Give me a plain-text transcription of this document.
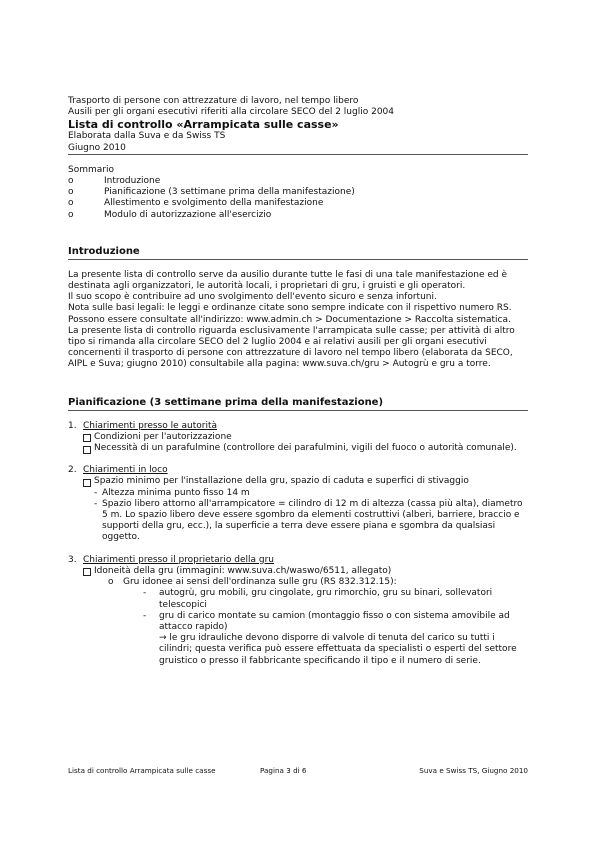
Trasporto di persone con attrezzature di lavoro, nel tempo libero
Ausili per gli organi esecutivi riferiti alla circolare SECO del 2 luglio 2004
Lista di controllo «Arrampicata sulle casse»
Elaborata dalla Suva e da Swiss TS
Giugno 2010
Sommario
o	Introduzione
o	Pianificazione (3 settimane prima della manifestazione)
o	Allestimento e svolgimento della manifestazione
o	Modulo di autorizzazione all'esercizio
Introduzione

La presente lista di controllo serve da ausilio durante tutte le fasi di una tale manifestazione ed è destinata agli organizzatori, le autorità locali, i proprietari di gru, i gruisti e gli operatori.

Il suo scopo è contribuire ad uno svolgimento dell'evento sicuro e senza infortuni.

Nota sulle basi legali: le leggi e ordinanze citate sono sempre indicate con il rispettivo numero RS. Possono essere consultate all'indirizzo: www.admin.ch > Documentazione > Raccolta sistematica.

La presente lista di controllo riguarda esclusivamente l'arrampicata sulle casse; per attività di altro tipo si rimanda alla circolare SECO del 2 luglio 2004 e ai relativi ausili per gli organi esecutivi concernenti il trasporto di persone con attrezzature di lavoro nel tempo libero (elaborata da SECO, AIPL e Suva; giugno 2010) consultabile alla pagina: www.suva.ch/gru > Autogrù e gru a torre.

Pianificazione (3 settimane prima della manifestazione)
1. Chiarimenti presso le autorità
Condizioni per l'autorizzazione
Necessità di un parafulmine (controllore dei parafulmini, vigili del fuoco o autorità comunale).
2. Chiarimenti in loco
Spazio minimo per l'installazione della gru, spazio di caduta e superfici di stivaggio
- Altezza minima punto fisso 14 m
- Spazio libero attorno all'arrampicatore = cilindro di 12 m di altezza (cassa più alta), diametro 5 m. Lo spazio libero deve essere sgombro da elementi costruttivi (alberi, barriere, braccio e supporti della gru, ecc.), la superficie a terra deve essere piana e sgombra da qualsiasi oggetto.
3. Chiarimenti presso il proprietario della gru
Idoneità della gru (immagini: www.suva.ch/waswo/6511, allegato)
o Gru idonee ai sensi dell'ordinanza sulle gru (RS 832.312.15):
- autogrù, gru mobili, gru cingolate, gru rimorchio, gru su binari, sollevatori telescopici
- gru di carico montate su camion (montaggio fisso o con sistema amovibile ad attacco rapido)
→ le gru idrauliche devono disporre di valvole di tenuta del carico su tutti i cilindri; questa verifica può essere effettuata da specialisti o esperti del settore gruistico o presso il fabbricante specificando il tipo e il numero di serie.
Lista di controllo Arrampicata sulle casse	Pagina 3 di 6	Suva e Swiss TS, Giugno 2010
